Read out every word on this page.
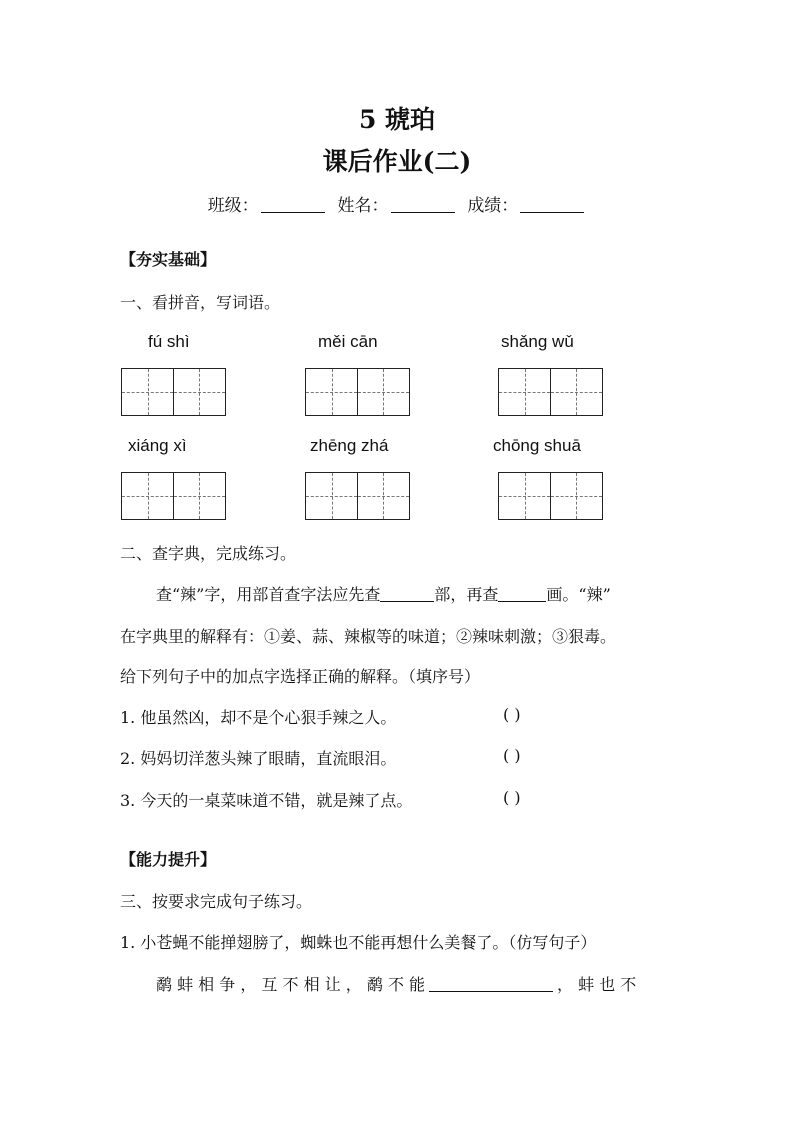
5 琥珀
课后作业(二)
班级：	姓名：	成绩：
【夯实基础】
一、看拼音，写词语。
fú shì	měi cān	shǎng wǔ
xiáng xì	zhēng zhá	chōng shuā
二、查字典，完成练习。
查“辣”字，用部首查字法应先查	部，再查	画。“辣”
在字典里的解释有：①姜、蒜、辣椒等的味道；②辣味刺激；③狠毒。
给下列句子中的加点字选择正确的解释。（填序号）
1. 他虽然凶，却不是个心狠手辣之人。	( )
2. 妈妈切洋葱头辣了眼睛，直流眼泪。	( )
3. 今天的一桌菜味道不错，就是辣了点。	( )
【能力提升】
三、按要求完成句子练习。
1. 小苍蝇不能掸翅膀了，蜘蛛也不能再想什么美餐了。（仿写句子）
鹬 蚌 相 争 ， 互 不 相 让 ， 鹬 不 能	， 蚌 也 不
